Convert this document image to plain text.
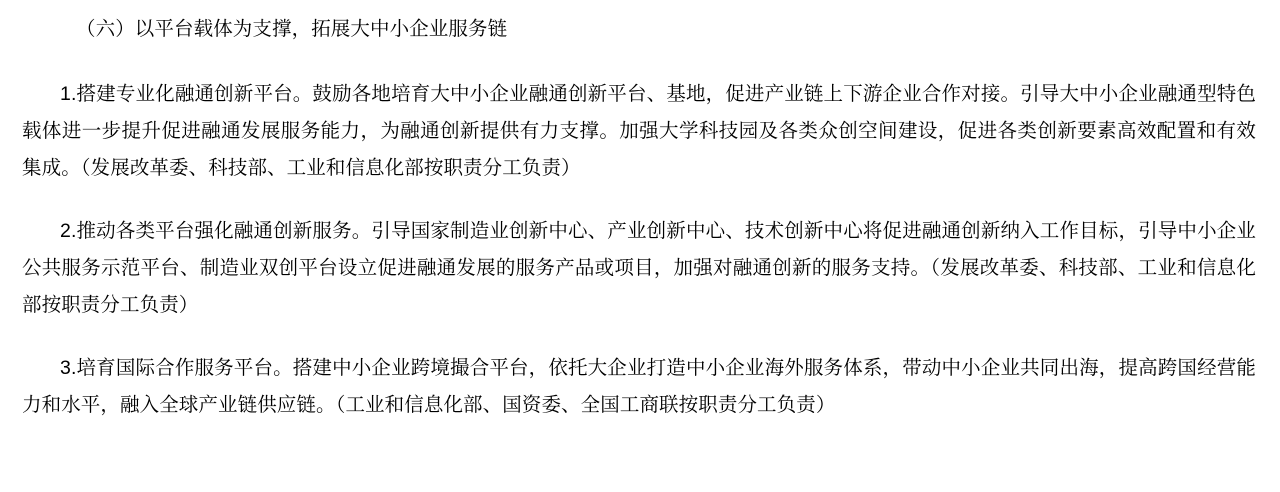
（六）以平台载体为支撑，拓展大中小企业服务链

1.搭建专业化融通创新平台。鼓励各地培育大中小企业融通创新平台、基地，促进产业链上下游企业合作对接。引导大中小企业融通型特色载体进一步提升促进融通发展服务能力，为融通创新提供有力支撑。加强大学科技园及各类众创空间建设，促进各类创新要素高效配置和有效集成。（发展改革委、科技部、工业和信息化部按职责分工负责）

2.推动各类平台强化融通创新服务。引导国家制造业创新中心、产业创新中心、技术创新中心将促进融通创新纳入工作目标，引导中小企业公共服务示范平台、制造业双创平台设立促进融通发展的服务产品或项目，加强对融通创新的服务支持。（发展改革委、科技部、工业和信息化部按职责分工负责）

3.培育国际合作服务平台。搭建中小企业跨境撮合平台，依托大企业打造中小企业海外服务体系，带动中小企业共同出海，提高跨国经营能力和水平，融入全球产业链供应链。（工业和信息化部、国资委、全国工商联按职责分工负责）
